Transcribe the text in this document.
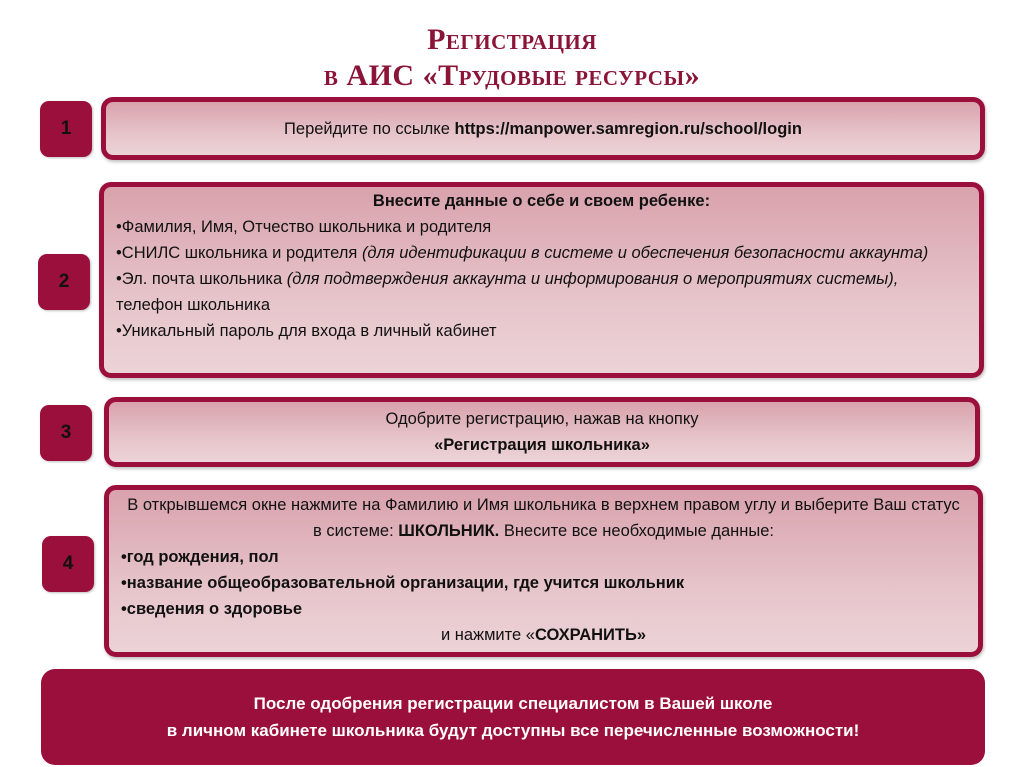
Регистрация
в АИС «Трудовые ресурсы»
1	Перейдите по ссылке https://manpower.samregion.ru/school/login
2
Внесите данные о себе и своем ребенке:
•Фамилия, Имя, Отчество школьника и родителя
•СНИЛС школьника и родителя (для идентификации в системе и обеспечения безопасности аккаунта)
•Эл. почта школьника (для подтверждения аккаунта и информирования о мероприятиях системы), телефон школьника
•Уникальный пароль для входа в личный кабинет
3
Одобрите регистрацию, нажав на кнопку
«Регистрация школьника»
4
В открывшемся окне нажмите на Фамилию и Имя школьника в верхнем правом углу и выберите Ваш статус в системе: ШКОЛЬНИК. Внесите все необходимые данные:
•год рождения, пол
•название общеобразовательной организации, где учится школьник
•сведения о здоровье
и нажмите «СОХРАНИТЬ»
После одобрения регистрации специалистом в Вашей школе
в личном кабинете школьника будут доступны все перечисленные возможности!
